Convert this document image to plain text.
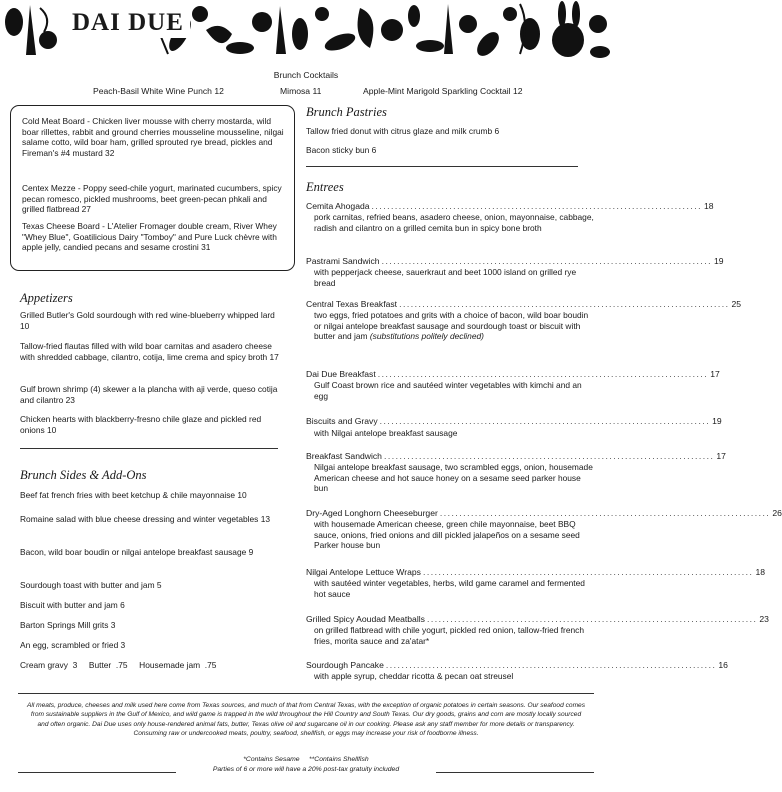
DAI DUE
Brunch Cocktails
Peach-Basil White Wine Punch 12	Mimosa 11	Apple-Mint Marigold Sparkling Cocktail 12
Cold Meat Board - Chicken liver mousse with cherry mostarda, wild boar rillettes, rabbit and ground cherries mousseline mousseline, nilgai salame cotto, wild boar ham, grilled sprouted rye bread, pickles and Fireman's #4 mustard 32
Centex Mezze - Poppy seed-chile yogurt, marinated cucumbers, spicy pecan romesco, pickled mushrooms, beet green-pecan phkali and grilled flatbread 27
Texas Cheese Board - L'Atelier Fromager double cream, River Whey "Whey Blue", Goatilicious Dairy "Tomboy" and Pure Luck chèvre with apple jelly, candied pecans and sesame crostini 31
Appetizers
Grilled Butler's Gold sourdough with red wine-blueberry whipped lard 10
Tallow-fried flautas filled with wild boar carnitas and asadero cheese with shredded cabbage, cilantro, cotija, lime crema and spicy broth 17
Gulf brown shrimp (4) skewer a la plancha with aji verde, queso cotija and cilantro 23
Chicken hearts with blackberry-fresno chile glaze and pickled red onions 10
Brunch Sides & Add-Ons
Beef fat french fries with beet ketchup & chile mayonnaise 10
Romaine salad with blue cheese dressing and winter vegetables 13
Bacon, wild boar boudin or nilgai antelope breakfast sausage 9
Sourdough toast with butter and jam 5
Biscuit with butter and jam 6
Barton Springs Mill grits 3
An egg, scrambled or fried 3
Cream gravy  3     Butter  .75     Housemade jam  .75
Brunch Pastries
Tallow fried donut with citrus glaze and milk crumb 6
Bacon sticky bun 6
Entrees
Cemita Ahogada ..................................................................................... 18
pork carnitas, refried beans, asadero cheese, onion, mayonnaise, cabbage, radish and cilantro on a grilled cemita bun in spicy bone broth
Pastrami Sandwich ..................................................................................... 19
with pepperjack cheese, sauerkraut and beet 1000 island on grilled rye bread
Central Texas Breakfast ..................................................................................... 25
two eggs, fried potatoes and grits with a choice of bacon, wild boar boudin or nilgai antelope breakfast sausage and sourdough toast or biscuit with butter and jam (substitutions politely declined)
Dai Due Breakfast ..................................................................................... 17
Gulf Coast brown rice and sautéed winter vegetables with kimchi and an egg
Biscuits and Gravy ..................................................................................... 19
with Nilgai antelope breakfast sausage
Breakfast Sandwich ..................................................................................... 17
Nilgai antelope breakfast sausage, two scrambled eggs, onion, housemade American cheese and hot sauce honey on a sesame seed parker house bun
Dry-Aged Longhorn Cheeseburger ..................................................................................... 26
with housemade American cheese, green chile mayonnaise, beet BBQ sauce, onions, fried onions and dill pickled jalapeños on a sesame seed Parker house bun
Nilgai Antelope Lettuce Wraps ..................................................................................... 18
with sautéed winter vegetables, herbs, wild game caramel and fermented hot sauce
Grilled Spicy Aoudad Meatballs ..................................................................................... 23
on grilled flatbread with chile yogurt, pickled red onion, tallow-fried french fries, morita sauce and za'atar*
Sourdough Pancake ..................................................................................... 16
with apple syrup, cheddar ricotta & pecan oat streusel
All meats, produce, cheeses and milk used here come from Texas sources, and much of that from Central Texas, with the exception of organic potatoes in certain seasons. Our seafood comes from sustainable suppliers in the Gulf of Mexico, and wild game is trapped in the wild throughout the Hill Country and South Texas. Our dry goods, grains and corn are mostly locally sourced and often organic. Dai Due uses only house-rendered animal fats, butter, Texas olive oil and sugarcane oil in our cooking. Please ask any staff member for more details or transparency.
Consuming raw or undercooked meats, poultry, seafood, shellfish, or eggs may increase your risk of foodborne illness.
*Contains Sesame     **Contains Shellfish
Parties of 6 or more will have a 20% post-tax gratuity included
